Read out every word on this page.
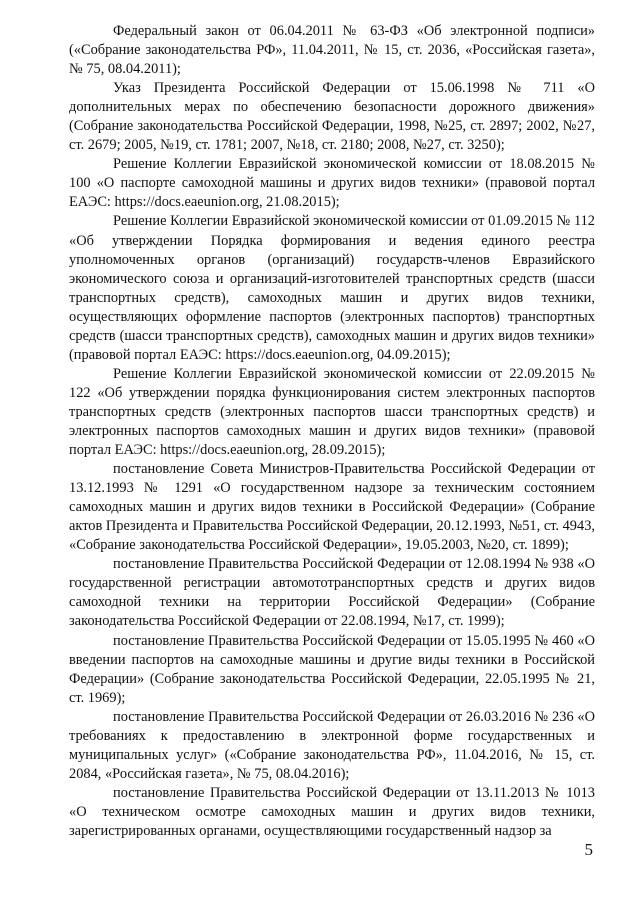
Федеральный закон от 06.04.2011 № 63-ФЗ «Об электронной подписи» («Собрание законодательства РФ», 11.04.2011, № 15, ст. 2036, «Российская газета», № 75, 08.04.2011);

Указ Президента Российской Федерации от 15.06.1998 № 711 «О дополнительных мерах по обеспечению безопасности дорожного движения» (Собрание законодательства Российской Федерации, 1998, №25, ст. 2897; 2002, №27, ст. 2679; 2005, №19, ст. 1781; 2007, №18, ст. 2180; 2008, №27, ст. 3250);

Решение Коллегии Евразийской экономической комиссии от 18.08.2015 № 100 «О паспорте самоходной машины и других видов техники» (правовой портал ЕАЭС: https://docs.eaeunion.org, 21.08.2015);

Решение Коллегии Евразийской экономической комиссии от 01.09.2015 № 112 «Об утверждении Порядка формирования и ведения единого реестра уполномоченных органов (организаций) государств-членов Евразийского экономического союза и организаций-изготовителей транспортных средств (шасси транспортных средств), самоходных машин и других видов техники, осуществляющих оформление паспортов (электронных паспортов) транспортных средств (шасси транспортных средств), самоходных машин и других видов техники» (правовой портал ЕАЭС: https://docs.eaeunion.org, 04.09.2015);

Решение Коллегии Евразийской экономической комиссии от 22.09.2015 № 122 «Об утверждении порядка функционирования систем электронных паспортов транспортных средств (электронных паспортов шасси транспортных средств) и электронных паспортов самоходных машин и других видов техники» (правовой портал ЕАЭС: https://docs.eaeunion.org, 28.09.2015);

постановление Совета Министров-Правительства Российской Федерации от 13.12.1993 № 1291 «О государственном надзоре за техническим состоянием самоходных машин и других видов техники в Российской Федерации» (Собрание актов Президента и Правительства Российской Федерации, 20.12.1993, №51, ст. 4943, «Собрание законодательства Российской Федерации», 19.05.2003, №20, ст. 1899);

постановление Правительства Российской Федерации от 12.08.1994 № 938 «О государственной регистрации автомототранспортных средств и других видов самоходной техники на территории Российской Федерации» (Собрание законодательства Российской Федерации от 22.08.1994, №17, ст. 1999);

постановление Правительства Российской Федерации от 15.05.1995 № 460 «О введении паспортов на самоходные машины и другие виды техники в Российской Федерации» (Собрание законодательства Российской Федерации, 22.05.1995 № 21, ст. 1969);

постановление Правительства Российской Федерации от 26.03.2016 № 236 «О требованиях к предоставлению в электронной форме государственных и муниципальных услуг» («Собрание законодательства РФ», 11.04.2016, № 15, ст. 2084, «Российская газета», № 75, 08.04.2016);

постановление Правительства Российской Федерации от 13.11.2013 № 1013 «О техническом осмотре самоходных машин и других видов техники, зарегистрированных органами, осуществляющими государственный надзор за

5
